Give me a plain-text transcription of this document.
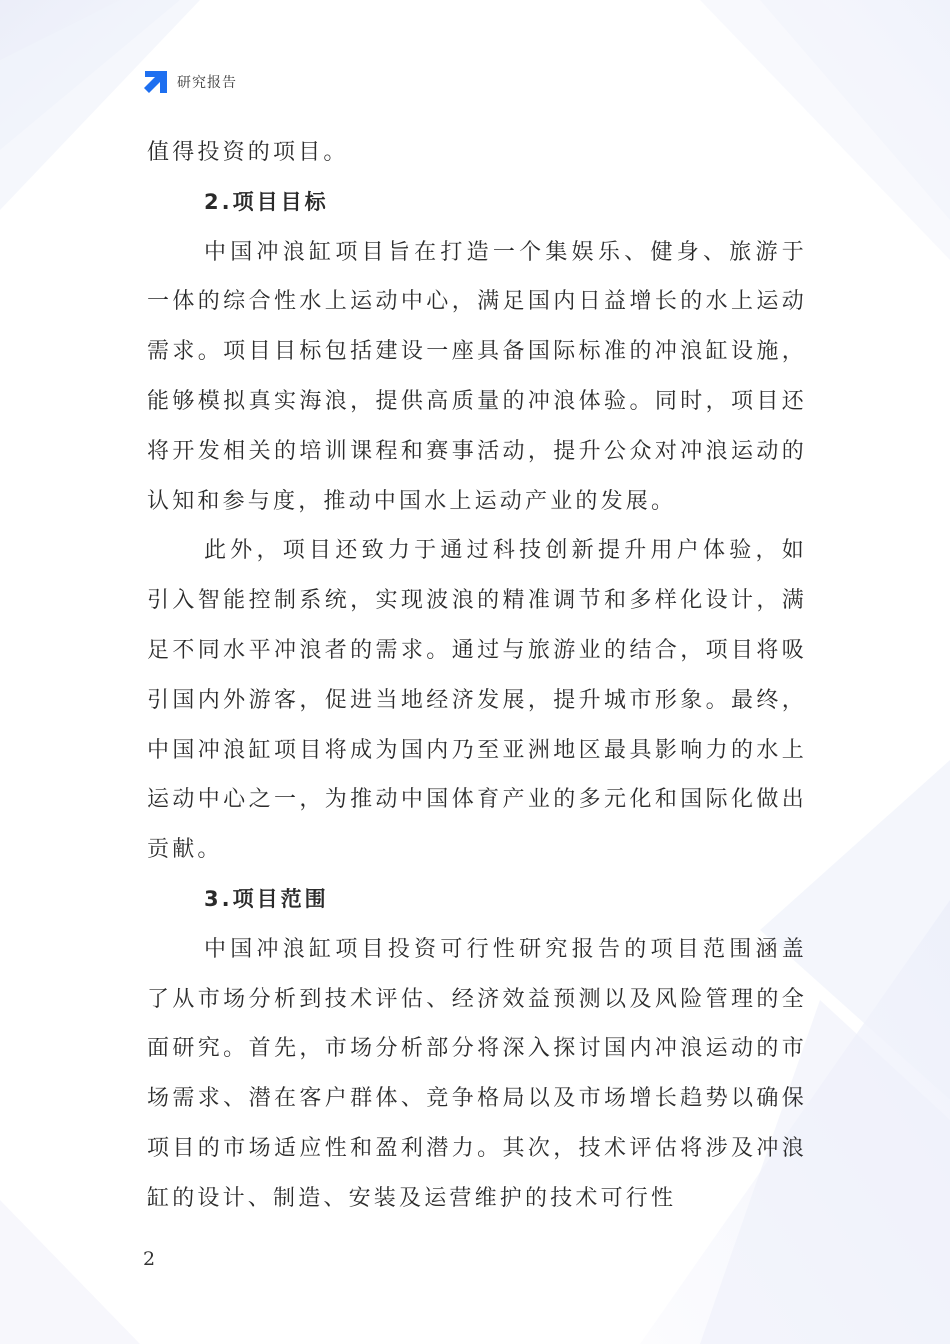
研究报告

值得投资的项目。

2.项目目标

中国冲浪缸项目旨在打造一个集娱乐、健身、旅游于一体的综合性水上运动中心，满足国内日益增长的水上运动需求。项目目标包括建设一座具备国际标准的冲浪缸设施，能够模拟真实海浪，提供高质量的冲浪体验。同时，项目还将开发相关的培训课程和赛事活动，提升公众对冲浪运动的认知和参与度，推动中国水上运动产业的发展。

此外，项目还致力于通过科技创新提升用户体验，如引入智能控制系统，实现波浪的精准调节和多样化设计，满足不同水平冲浪者的需求。通过与旅游业的结合，项目将吸引国内外游客，促进当地经济发展，提升城市形象。最终，中国冲浪缸项目将成为国内乃至亚洲地区最具影响力的水上运动中心之一，为推动中国体育产业的多元化和国际化做出贡献。

3.项目范围

中国冲浪缸项目投资可行性研究报告的项目范围涵盖了从市场分析到技术评估、经济效益预测以及风险管理的全面研究。首先，市场分析部分将深入探讨国内冲浪运动的市场需求、潜在客户群体、竞争格局以及市场增长趋势以确保项目的市场适应性和盈利潜力。其次，技术评估将涉及冲浪缸的设计、制造、安装及运营维护的技术可行性

2
